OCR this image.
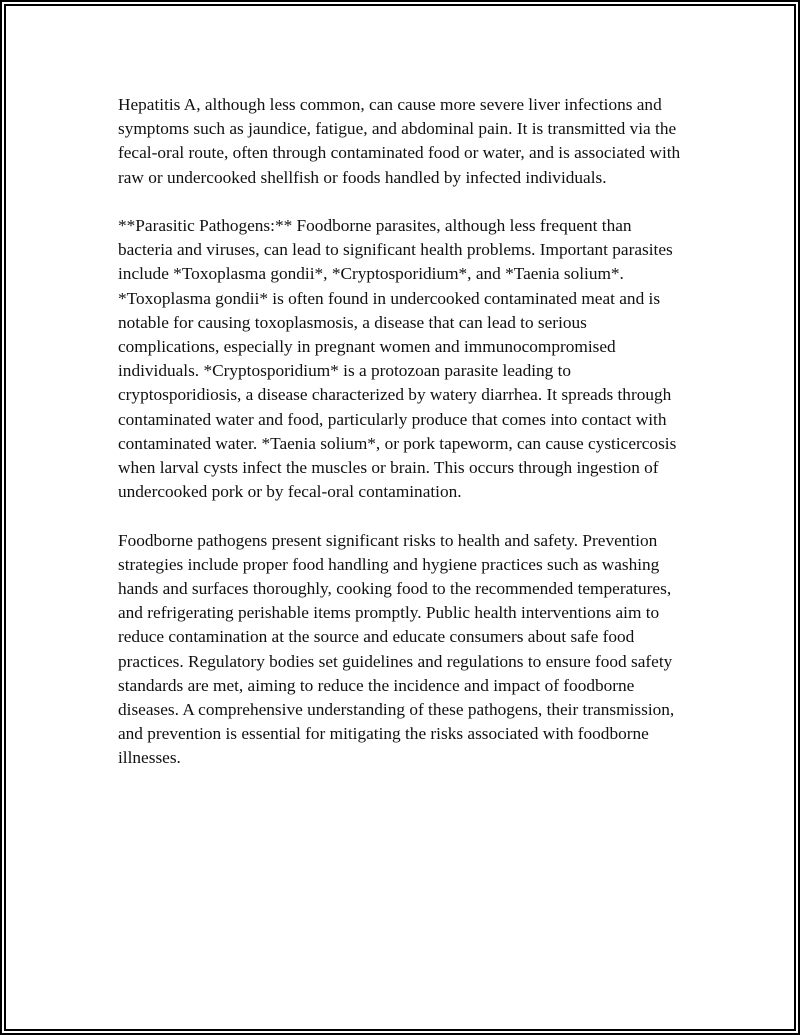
Hepatitis A, although less common, can cause more severe liver infections and symptoms such as jaundice, fatigue, and abdominal pain. It is transmitted via the fecal-oral route, often through contaminated food or water, and is associated with raw or undercooked shellfish or foods handled by infected individuals.

**Parasitic Pathogens:** Foodborne parasites, although less frequent than bacteria and viruses, can lead to significant health problems. Important parasites include *Toxoplasma gondii*, *Cryptosporidium*, and *Taenia solium*. *Toxoplasma gondii* is often found in undercooked contaminated meat and is notable for causing toxoplasmosis, a disease that can lead to serious complications, especially in pregnant women and immunocompromised individuals. *Cryptosporidium* is a protozoan parasite leading to cryptosporidiosis, a disease characterized by watery diarrhea. It spreads through contaminated water and food, particularly produce that comes into contact with contaminated water. *Taenia solium*, or pork tapeworm, can cause cysticercosis when larval cysts infect the muscles or brain. This occurs through ingestion of undercooked pork or by fecal-oral contamination.

Foodborne pathogens present significant risks to health and safety. Prevention strategies include proper food handling and hygiene practices such as washing hands and surfaces thoroughly, cooking food to the recommended temperatures, and refrigerating perishable items promptly. Public health interventions aim to reduce contamination at the source and educate consumers about safe food practices. Regulatory bodies set guidelines and regulations to ensure food safety standards are met, aiming to reduce the incidence and impact of foodborne diseases. A comprehensive understanding of these pathogens, their transmission, and prevention is essential for mitigating the risks associated with foodborne illnesses.
